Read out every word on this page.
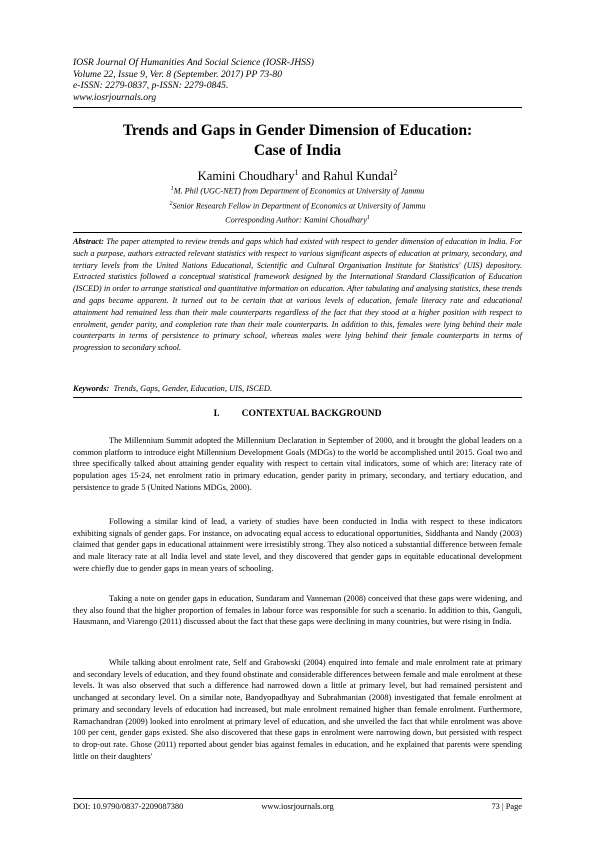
IOSR Journal Of Humanities And Social Science (IOSR-JHSS)
Volume 22, Issue 9, Ver. 8 (September. 2017) PP 73-80
e-ISSN: 2279-0837, p-ISSN: 2279-0845.
www.iosrjournals.org
Trends and Gaps in Gender Dimension of Education:
Case of India
Kamini Choudhary$^1$ and Rahul Kundal$^2$
$^1$M. Phil (UGC-NET) from Department of Economics at University of Jammu
$^2$Senior Research Fellow in Department of Economics at University of Jammu
Corresponding Author: Kamini Choudhary$^1$
Abstract: The paper attempted to review trends and gaps which had existed with respect to gender dimension of education in India. For such a purpose, authors extracted relevant statistics with respect to various significant aspects of education at primary, secondary, and tertiary levels from the United Nations Educational, Scientific and Cultural Organisation Institute for Statistics' (UIS) depository. Extracted statistics followed a conceptual statistical framework designed by the International Standard Classification of Education (ISCED) in order to arrange statistical and quantitative information on education. After tabulating and analysing statistics, these trends and gaps became apparent. It turned out to be certain that at various levels of education, female literacy rate and educational attainment had remained less than their male counterparts regardless of the fact that they stood at a higher position with respect to enrolment, gender parity, and completion rate than their male counterparts. In addition to this, females were lying behind their male counterparts in terms of persistence to primary school, whereas males were lying behind their female counterparts in terms of progression to secondary school.
Keywords: Trends, Gaps, Gender, Education, UIS, ISCED.
I. CONTEXTUAL BACKGROUND

The Millennium Summit adopted the Millennium Declaration in September of 2000, and it brought the global leaders on a common platform to introduce eight Millennium Development Goals (MDGs) to the world be accomplished until 2015. Goal two and three specifically talked about attaining gender equality with respect to certain vital indicators, some of which are: literacy rate of population ages 15-24, net enrolment ratio in primary education, gender parity in primary, secondary, and tertiary education, and persistence to grade 5 (United Nations MDGs, 2000).

Following a similar kind of lead, a variety of studies have been conducted in India with respect to these indicators exhibiting signals of gender gaps. For instance, on advocating equal access to educational opportunities, Siddhanta and Nandy (2003) claimed that gender gaps in educational attainment were irresistibly strong. They also noticed a substantial difference between female and male literacy rate at all India level and state level, and they discovered that gender gaps in equitable educational development were chiefly due to gender gaps in mean years of schooling.

Taking a note on gender gaps in education, Sundaram and Vanneman (2008) conceived that these gaps were widening, and they also found that the higher proportion of females in labour force was responsible for such a scenario. In addition to this, Ganguli, Hausmann, and Viarengo (2011) discussed about the fact that these gaps were declining in many countries, but were rising in India.

While talking about enrolment rate, Self and Grabowski (2004) enquired into female and male enrolment rate at primary and secondary levels of education, and they found obstinate and considerable differences between female and male enrolment at these levels. It was also observed that such a difference had narrowed down a little at primary level, but had remained persistent and unchanged at secondary level. On a similar note, Bandyopadhyay and Subrahmanian (2008) investigated that female enrolment at primary and secondary levels of education had increased, but male enrolment remained higher than female enrolment. Furthermore, Ramachandran (2009) looked into enrolment at primary level of education, and she unveiled the fact that while enrolment was above 100 per cent, gender gaps existed. She also discovered that these gaps in enrolment were narrowing down, but persisted with respect to drop-out rate. Ghose (2011) reported about gender bias against females in education, and he explained that parents were spending little on their daughters'

DOI: 10.9790/0837-2209087380	www.iosrjournals.org	73 | Page
